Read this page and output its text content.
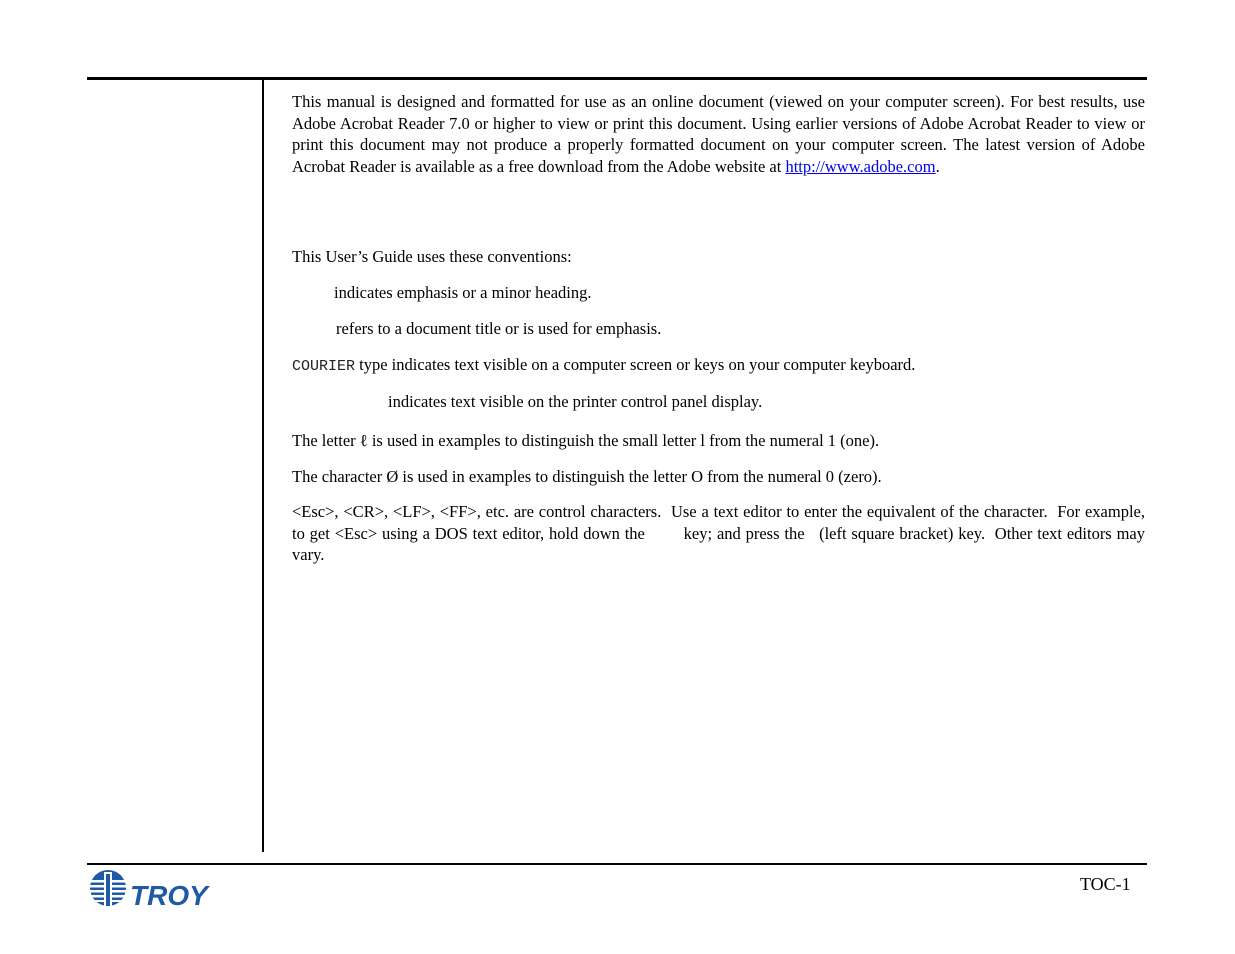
This manual is designed and formatted for use as an online document (viewed on your computer screen). For best results, use Adobe Acrobat Reader 7.0 or higher to view or print this document. Using earlier versions of Adobe Acrobat Reader to view or print this document may not produce a properly formatted document on your computer screen. The latest version of Adobe Acrobat Reader is available as a free download from the Adobe website at http://www.adobe.com.

This User’s Guide uses these conventions:
indicates emphasis or a minor heading.
refers to a document title or is used for emphasis.
COURIER type indicates text visible on a computer screen or keys on your computer keyboard.
indicates text visible on the printer control panel display.
The letter ℓ is used in examples to distinguish the small letter l from the numeral 1 (one).
The character Ø is used in examples to distinguish the letter O from the numeral 0 (zero).

<Esc>, <CR>, <LF>, <FF>, etc. are control characters.  Use a text editor to enter the equivalent of the character.  For example, to get <Esc> using a DOS text editor, hold down the        key; and press the   (left square bracket) key.  Other text editors may vary.

TROY	TOC-1
